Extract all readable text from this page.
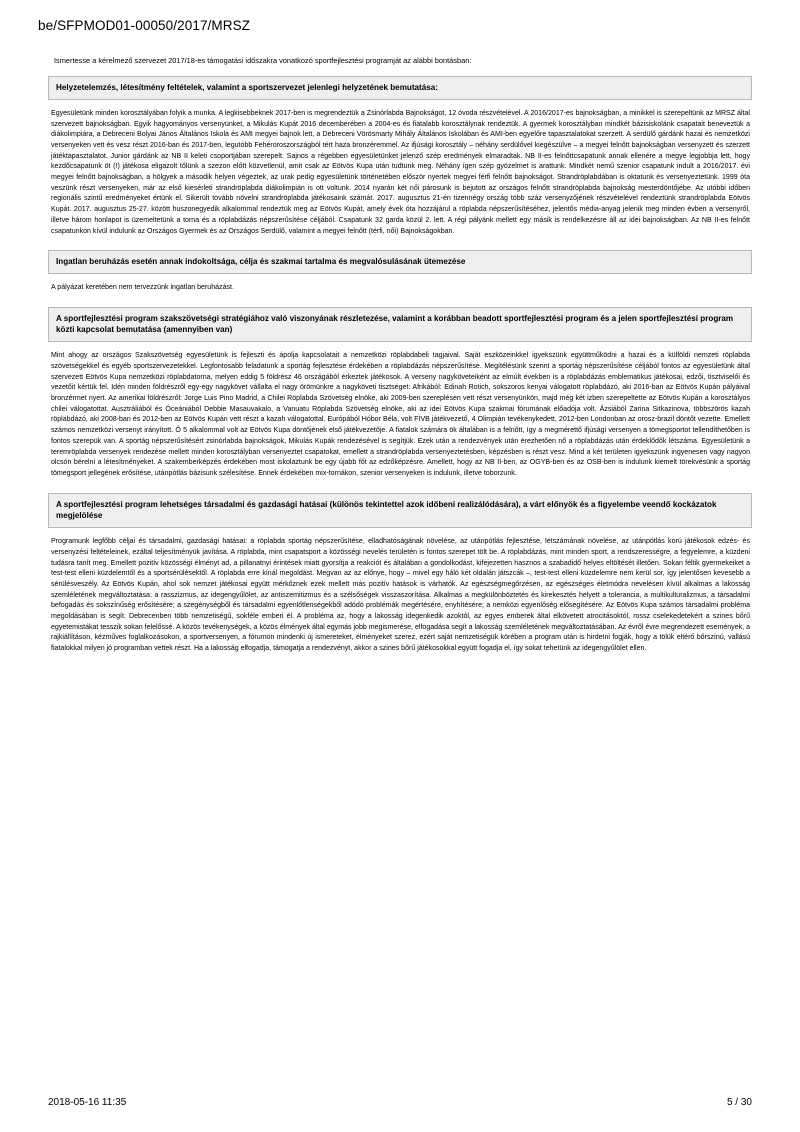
be/SFPMOD01-00050/2017/MRSZ

Ismertesse a kérelmező szervezet 2017/18-es támogatási időszakra vonatkozó sportfejlesztési programját az alábbi bontásban:

Helyzetelemzés, létesítmény feltételek, valamint a sportszervezet jelenlegi helyzetének bemutatása:

Egyesületünk minden korosztályában folyik a munka. A legkisebbeknek 2017-ben is megrendeztük a Zsinórlabda Bajnokságot, 12 óvoda részvételével. A 2016/2017-es bajnokságban, a minikkel is szerepeltünk az MRSZ által szervezett bajnokságban. Egyik hagyományos versenyünket, a Mikulás Kupát 2016 decemberében a 2004-es és fiatalabb korosztálynak rendeztük. A gyermek korosztályban mindkét bázisiskolánk csapatait beneveztük a diákolimpiára, a Debreceni Bolyai János Általános Iskola és AMI megyei bajnok lett, a Debreceni Vörösmarty Mihály Általános Iskolában és AMI-ben egyelőre tapasztalatokat szerzett. A serdülő gárdánk hazai és nemzetközi versenyeken vett és vesz részt 2016-ban és 2017-ben, legutóbb Fehéroroszországból tért haza bronzéremmel. Az ifjúsági korosztály – néhány serdülővel kiegészülve – a megyei felnőtt bajnokságban versenyzett és szerzett játéktapasztalatot. Junior gárdánk az NB II keleti csoportjában szerepelt. Sajnos a régebben egyesületünket jelenző szép eredmények elmaradtak. NB II-es felnőttcsapatunk annak ellenére a megye legjobbja lett, hogy kezdőcsapatunk öt (!) játékosa eligazolt tőlünk a szezon előtt közvetlenül, amit csak az Eötvös Kupa után tudtunk meg. Néhány igen szép gyözelmet is arattunk. Mindkét nemű szenior csapatunk indult a 2016/2017. évi megyei felnőtt bajnokságban, a hölgyek a második helyen végeztek, az urak pedig egyesületünk történetében először nyertek megyei férfi felnőtt bajnokságot. Strandröplabdában is oktatunk és versenyeztetünk. 1999 óta veszünk részt versenyeken, már az első kiesérleti strandröplabda diákolimpián is ott voltunk. 2014 nyarán két női párosunk is bejutott az országos felnőtt strandröplabda bajnokság mesterdöntőjébe. Az utóbbi időben regionális szintű eredményeket értünk el. Sikerült tovább növelni strandröplabda játékosaink számát. 2017. augusztus 21-én tizennégy ország több száz versenyzőjének részvételével rendeztünk strandröplabda Eötvös Kupát. 2017. augusztus 25-27. között huszonegyedik alkalommal rendeztük meg az Eötvös Kupát, amely évek óta hozzájárul a röplabda népszerűsítéséhez, jelentős média-anyag jelenik meg minden évben a versenyről, illetve három honlapot is üzemeltetünk a torna és a röplabdázás népszerűsítése céljából. Csapatunk 32 garda közül 2. lett. A régi pályánk mellett egy másik is rendelkezésre áll az idei bajnokságban. Az NB II-es felnőtt csapatunkon kívül indulunk az Országos Gyermek és az Országos Serdülő, valamint a megyei felnőtt (térfi, női) Bajnokságokban.

Ingatlan beruházás esetén annak indokoltsága, célja és szakmai tartalma és megvalósulásának ütemezése

A pályázat keretében nem tervezzünk ingatlan beruházást.

A sportfejlesztési program szakszövetségi stratégiához való viszonyának részletezése, valamint a korábban beadott sportfejlesztési program és a jelen sportfejlesztési program közti kapcsolat bemutatása (amennyiben van)

Mint ahogy az országos Szakszövetség egyesületünk is fejleszti és ápolja kapcsolatait a nemzetközi röplabdabeli tagjaival. Saját eszközeinkkel igyekszünk együttműködni a hazai és a külföldi nemzeti röplabda szövetségekkel és egyéb sportszervezetekkel. Legfontosabb feladatunk a sportág fejlesztése érdekében a röplabdázás népszerűsítése. Megítélésünk szerint a sportág népszerűsítése céljából fontos az egyesületünk által szervezett Eötvös Kupa nemzetközi röplabdatorna, melyen eddig 5 földrész 46 országából érkeztek játékosok. A verseny nagyköveteiként az elmúlt években is a röplabdázás emblematikus játékosai, edzői, tisztviselői és vezetőit kértük fel. Idén minden földrészről egy-egy nagykövet vállalta el nagy örömünkre a nagyköveti tisztséget: Afrikából: Edinah Rotich, sokszoros kenyai válogatott röplabdázó, aki 2016-ban az Eötvös Kupán pályáival bronzérmet nyert. Az amerikai földrészről: Jorge Luis Pino Madrid, a Chilei Röplabda Szövetség elnöke, aki 2009-ben szereplésen vett részt versenyünkön, majd még két izben szerepeltette az Eötvös Kupán a korosztályos chilei válogatottat. Ausztráliából és Óceániából Debbie Masauvakalo, a Vanuatu Röplabda Szövetség elnöke, aki az idei Eötvös Kupa szakmai fórumának előadója volt. Ázsiából Zarina Sitkazinova, többszörös kazah röplabdázó, aki 2008-ban és 2012-ben az Eötvös Kupán vett részt a kazah válogatottal. Európából Hóbor Béla, volt FIVB játékvezető, 4 Olimpián tevékenykedett, 2012-ben Londonban az orosz-brazil döntőt vezette. Emellett számos nemzetközi versenyt irányított. Ő 5 alkalommal volt az Eötvös Kupa döntőjének első játékvezetője. A fiatalok számára ök általában is a felnőtt, így a megmérettő ifjúsági versenyen a tömegsportot tellendíthetőben is fontos szerepük van. A sportág népszerűsítésért zsinórlabda bajnokságok, Mikulás Kupák rendezésével is segítjük. Ezek után a rendezvények után érezhetően nő a röplabdázás után érdeklődők létszáma. Egyesületünk a teremröplabda versenyek rendezése mellett minden korosztályban versenyeztet csapatokat, emellett a strandröplabda versenyeztetésben, képzésben is részt vesz. Mind a két területen igyekszünk ingyenesen vagy nagyon olcsón bérelni a létesítményeket. A szakemberképzés érdekében most iskolaztunk be egy újabb főt az edzőképzésre. Amellett, hogy az NB II-ben, az OGYB-ben és az OSB-ben is indulunk kiemelt törekvésünk a sportág tömegsport jellegének erősítése, utánpótlás bázisunk szélesítése. Ennek érdekében mix-tornákon, szenior versenyeken is indulunk, illetve toborzunk.

A sportfejlesztési program lehetséges társadalmi és gazdasági hatásai (különös tekintettel azok időbeni realizálódására), a várt előnyök és a figyelembe veendő kockázatok megjelölése

Programunk legfőbb céljai és társadalmi, gazdasági hatásai: a röplabda sportág népszerűsítése, elladhatóságának növelése, az utánpótlás fejlesztése, létszámának növelése, az utánpótlás korú játékosok edzés- és versenyzési feltételeinek, ezáltal teljesítményük javítása. A röplabda, mint csapatsport a közösségi nevelés területén is fontos szerepet tölt be. A röplabdázás, mint minden sport, a rendszerességre, a fegyelemre, a küzdeni tudásra tanít meg. Emellett pozitív közösségi élményt ad, a pillanatnyi érintések miatt gyorsítja a reakciót és általában a gondolkodást, kifejezetten hasznos a szabadidő helyes eltöltését illetően. Sokan féltik gyermekeiket a test-test elleni küzdelemtől és a sportsérülésektől. A röplabda erre kínál megoldást. Megvan az az előnye, hogy – mivel egy háló két oldalán játszcák –, test-test elleni küzdelemre nem kerül sor, így jelentősen kevesebb a sérülésveszély. Az Eötvös Kupán, ahol sok nemzet játékosai együtt mérkőznek ezek mellett más pozitív hatások is várhatók. Az egészségmegőrzésen, az egészséges életmódra nevelésen kívül alkalmas a lakosság szemléletének megváltoztatása: a rasszizmus, az idegengyűlölet, az antiszemitizmus és a szélsőségek visszaszorítása. Alkalmas a megkülönböztetés és kirekesztés helyett a tolerancia, a multikulturalizmus, a társadalmi befogadás és sokszínűség erősítésére; a szegénységből és társadalmi egyenlőtlenségekből adódó problémák megértésére, enyhítésére; a nemközi egyenlőség elősegítésére. Az Eötvös Kupa számos társadalmi probléma megoldásában is segít. Debrecenben több nemzetiségű, sokféle emberi él. A probléma az, hogy a lakosság idegenkedik azoktól, az egyes emberek által elkövetett atrocitásoktól, rossz cselekedetekért a szines bőrű egyetemistákat tesszik sokan felelőssé. A közös tevékenységek, a közös élmények által egymás jobb megismerése, elfogadása segít a lakosság szemléletének megváltoztatásában. Az évről évre megrendezett események, a rajkiállításon, kézműves foglalkozásokon, a sportversenyen, a fórumon mindenki új ismereteket, élményeket szerez, ezért saját nemzetiségük körében a program után is hirdetni fogják, hogy a tölük eltérő bőrszínú, vallású fiatalokkal milyen jó programban vettek részt. Ha a lakosság elfogadja, támogatja a rendezvényt, akkor a szines bőrű játékosokkal együtt fogadja el, így sokat tehetünk az idegengyűlölet ellen.

2018-05-16 11:35	5 / 30
